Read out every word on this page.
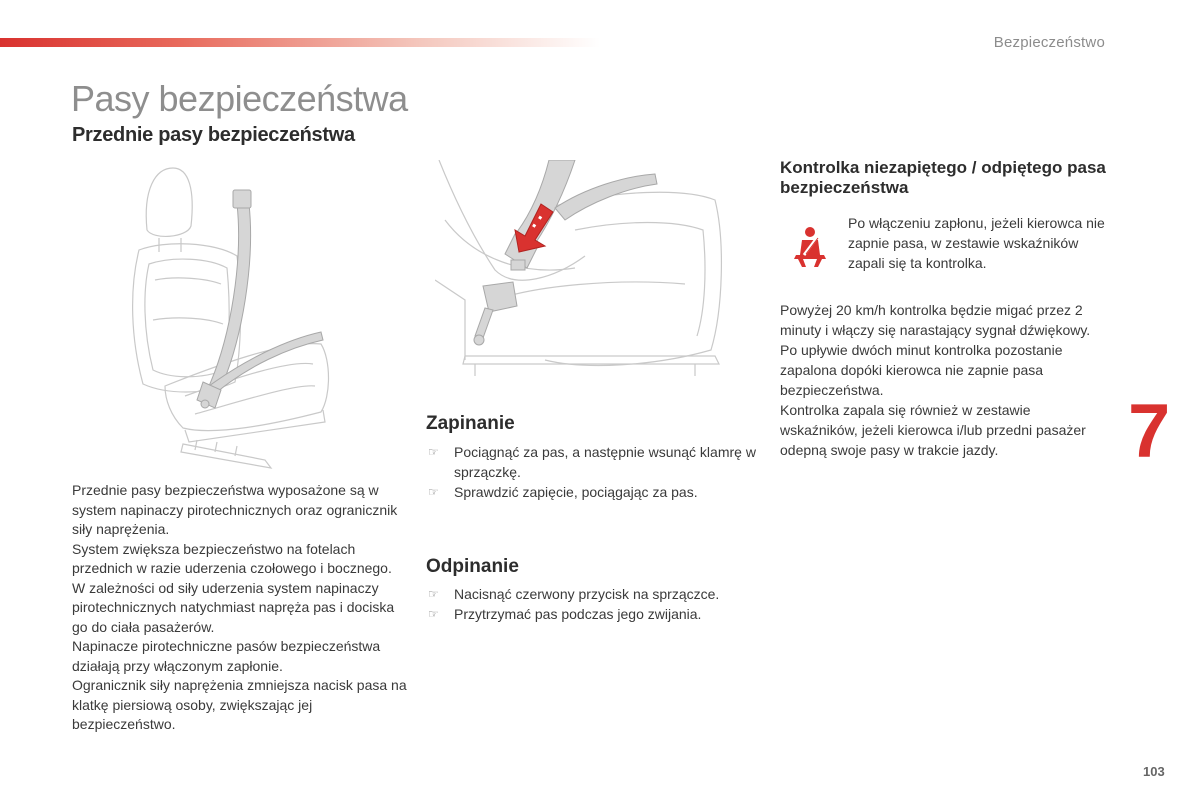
Bezpieczeństwo
Pasy bezpieczeństwa
Przednie pasy bezpieczeństwa

Przednie pasy bezpieczeństwa wyposażone są w system napinaczy pirotechnicznych oraz ogranicznik siły naprężenia.

System zwiększa bezpieczeństwo na fotelach przednich w razie uderzenia czołowego i bocznego. W zależności od siły uderzenia system napinaczy pirotechnicznych natychmiast napręża pas i dociska go do ciała pasażerów.

Napinacze pirotechniczne pasów bezpieczeństwa działają przy włączonym zapłonie.

Ogranicznik siły naprężenia zmniejsza nacisk pasa na klatkę piersiową osoby, zwiększając jej bezpieczeństwo.

Zapinanie
☞ Pociągnąć za pas, a następnie wsunąć klamrę w sprzączkę.
☞ Sprawdzić zapięcie, pociągając za pas.
Odpinanie
☞ Nacisnąć czerwony przycisk na sprzączce.
☞ Przytrzymać pas podczas jego zwijania.
Kontrolka niezapiętego / odpiętego pasa bezpieczeństwa
Po włączeniu zapłonu, jeżeli kierowca nie zapnie pasa, w zestawie wskaźników zapali się ta kontrolka.

Powyżej 20 km/h kontrolka będzie migać przez 2 minuty i włączy się narastający sygnał dźwiękowy. Po upływie dwóch minut kontrolka pozostanie zapalona dopóki kierowca nie zapnie pasa bezpieczeństwa.

Kontrolka zapala się również w zestawie wskaźników, jeżeli kierowca i/lub przedni pasażer odepną swoje pasy w trakcie jazdy.	7
103
